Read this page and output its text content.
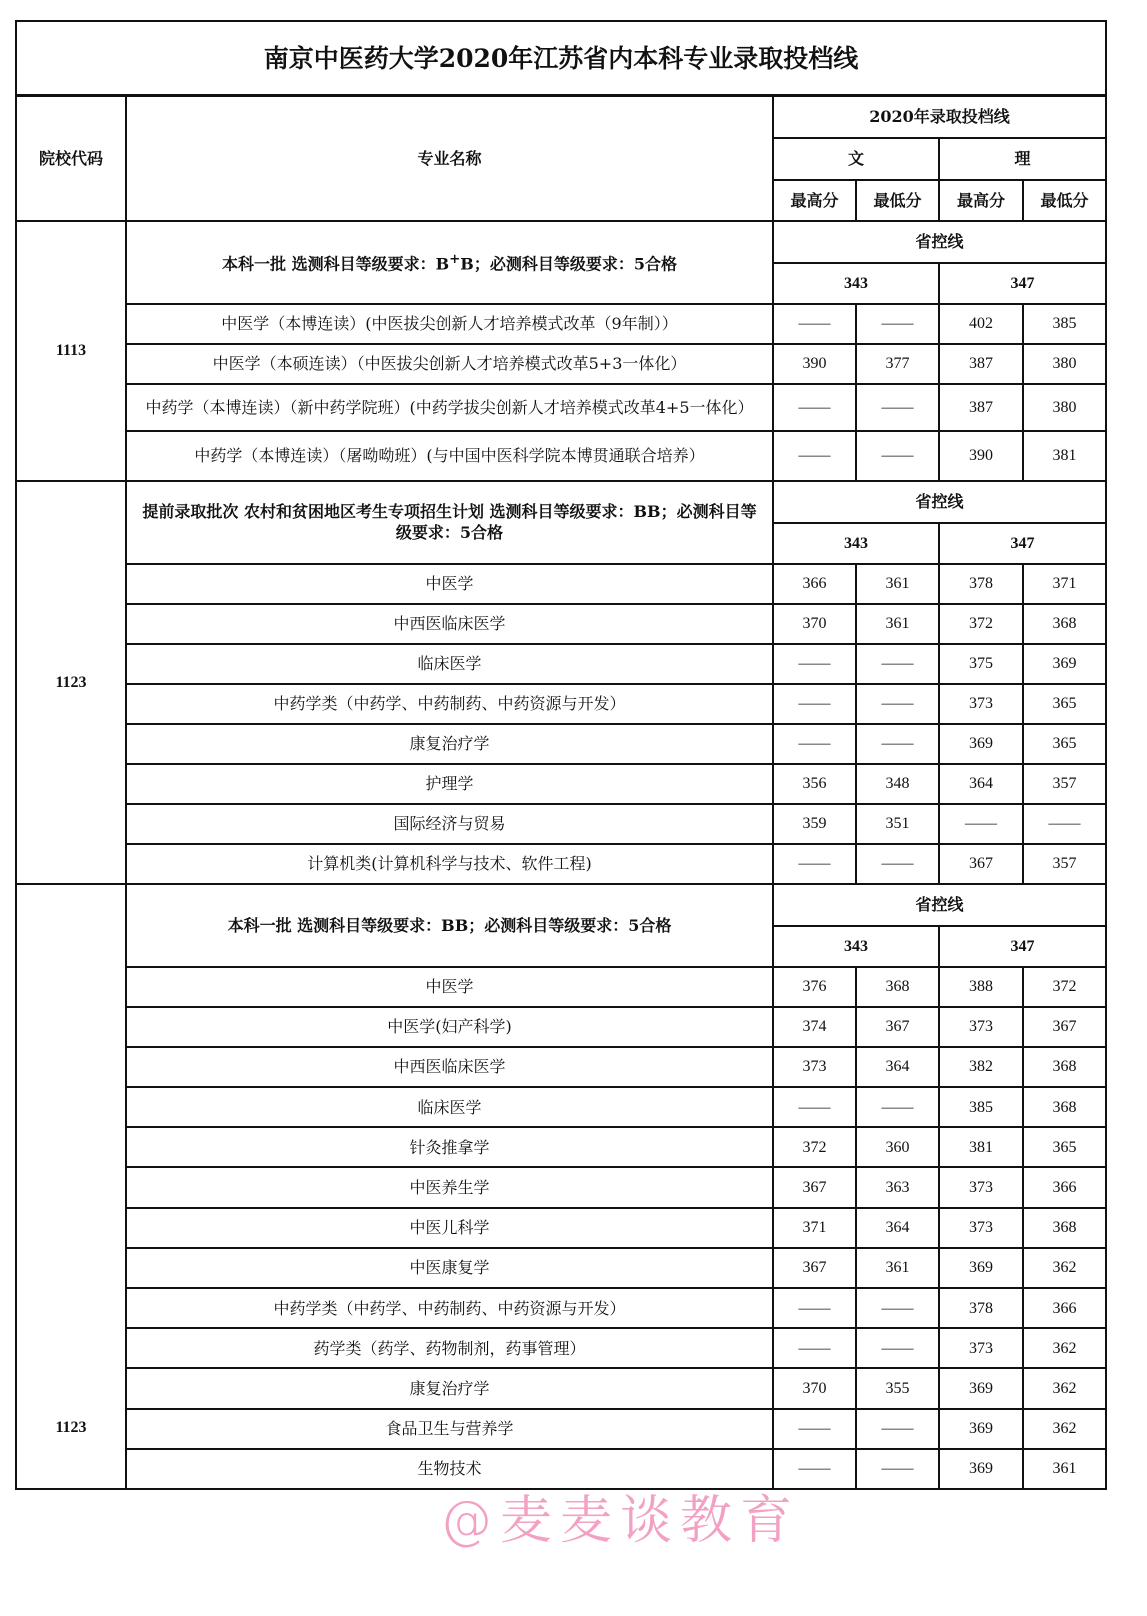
南京中医药大学2020年江苏省内本科专业录取投档线					
院校代码	专业名称	2020年录取投档线			
		文		理	
		最高分	最低分	最高分	最低分
1113	本科一批 选测科目等级要求：B+B；必测科目等级要求：5合格	省控线			
		343		347	
	中医学（本博连读）(中医拔尖创新人才培养模式改革（9年制））	——	——	402	385
	中医学（本硕连读）（中医拔尖创新人才培养模式改革5+3一体化）	390	377	387	380
	中药学（本博连读）（新中药学院班）(中药学拔尖创新人才培养模式改革4+5一体化）	——	——	387	380
	中药学（本博连读）（屠呦呦班）(与中国中医科学院本博贯通联合培养）	——	——	390	381
1123	提前录取批次 农村和贫困地区考生专项招生计划 选测科目等级要求：BB；必测科目等级要求：5合格	省控线			
		343		347	
	中医学	366	361	378	371
	中西医临床医学	370	361	372	368
	临床医学	——	——	375	369
	中药学类（中药学、中药制药、中药资源与开发）	——	——	373	365
	康复治疗学	——	——	369	365
	护理学	356	348	364	357
	国际经济与贸易	359	351	——	——
	计算机类(计算机科学与技术、软件工程)	——	——	367	357
1123	本科一批 选测科目等级要求：BB；必测科目等级要求：5合格	省控线			
		343		347	
	中医学	376	368	388	372
	中医学(妇产科学)	374	367	373	367
	中西医临床医学	373	364	382	368
	临床医学	——	——	385	368
	针灸推拿学	372	360	381	365
	中医养生学	367	363	373	366
	中医儿科学	371	364	373	368
	中医康复学	367	361	369	362
	中药学类（中药学、中药制药、中药资源与开发）	——	——	378	366
	药学类（药学、药物制剂，药事管理）	——	——	373	362
	康复治疗学	370	355	369	362
	食品卫生与营养学	——	——	369	362
	生物技术	——	——	369	361
@麦麦谈教育
